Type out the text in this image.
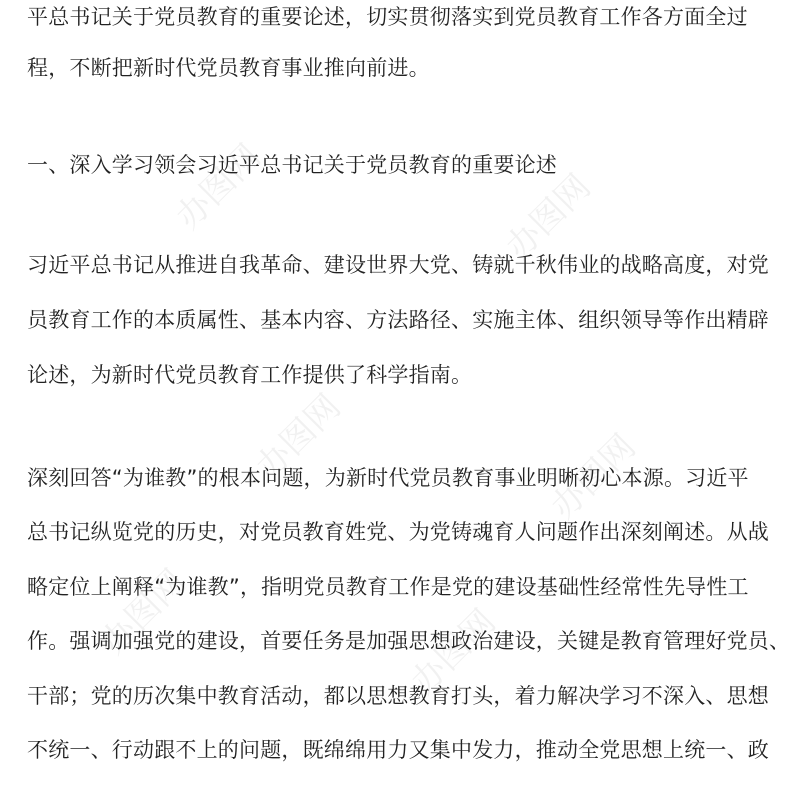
办图网	办图网
办图网	办图网
办图网	办图网
平总书记关于党员教育的重要论述，切实贯彻落实到党员教育工作各方面全过
程，不断把新时代党员教育事业推向前进。
一、深入学习领会习近平总书记关于党员教育的重要论述
习近平总书记从推进自我革命、建设世界大党、铸就千秋伟业的战略高度，对党
员教育工作的本质属性、基本内容、方法路径、实施主体、组织领导等作出精辟
论述，为新时代党员教育工作提供了科学指南。
深刻回答“为谁教”的根本问题，为新时代党员教育事业明晰初心本源。习近平
总书记纵览党的历史，对党员教育姓党、为党铸魂育人问题作出深刻阐述。从战
略定位上阐释“为谁教”，指明党员教育工作是党的建设基础性经常性先导性工
作。强调加强党的建设，首要任务是加强思想政治建设，关键是教育管理好党员、
干部；党的历次集中教育活动，都以思想教育打头，着力解决学习不深入、思想
不统一、行动跟不上的问题，既绵绵用力又集中发力，推动全党思想上统一、政
